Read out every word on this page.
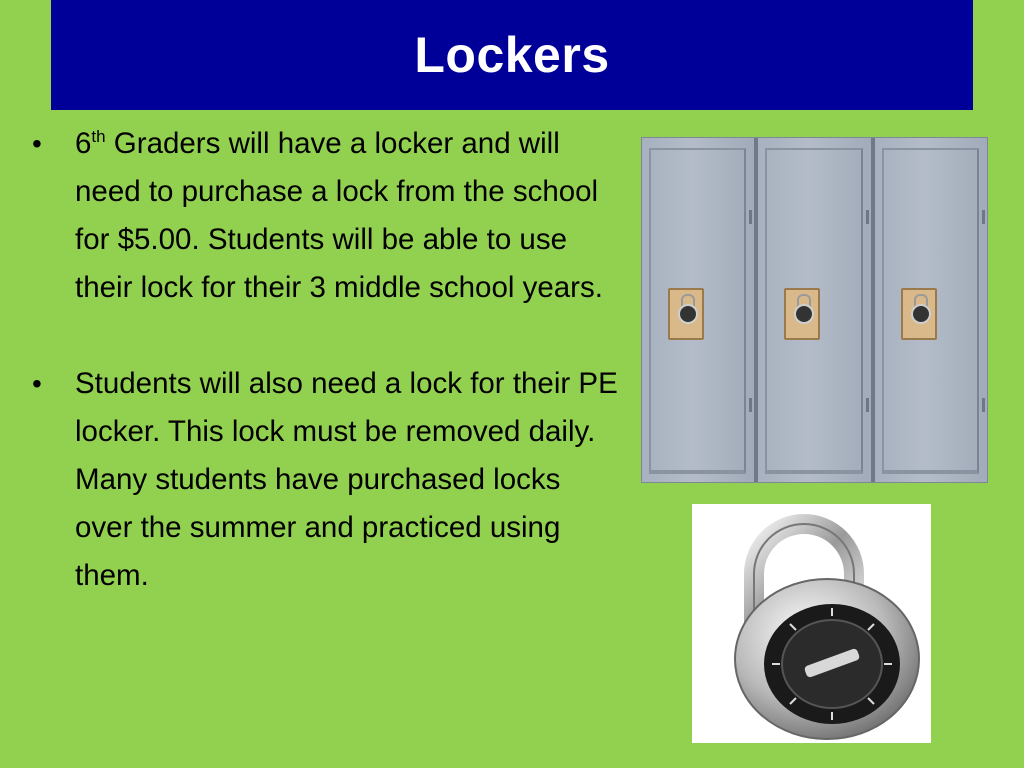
Lockers
• 6th Graders will have a locker and will need to purchase a lock from the school for $5.00. Students will be able to use their lock for their 3 middle school years.
• Students will also need a lock for their PE locker. This lock must be removed daily. Many students have purchased locks over the summer and practiced using them.
